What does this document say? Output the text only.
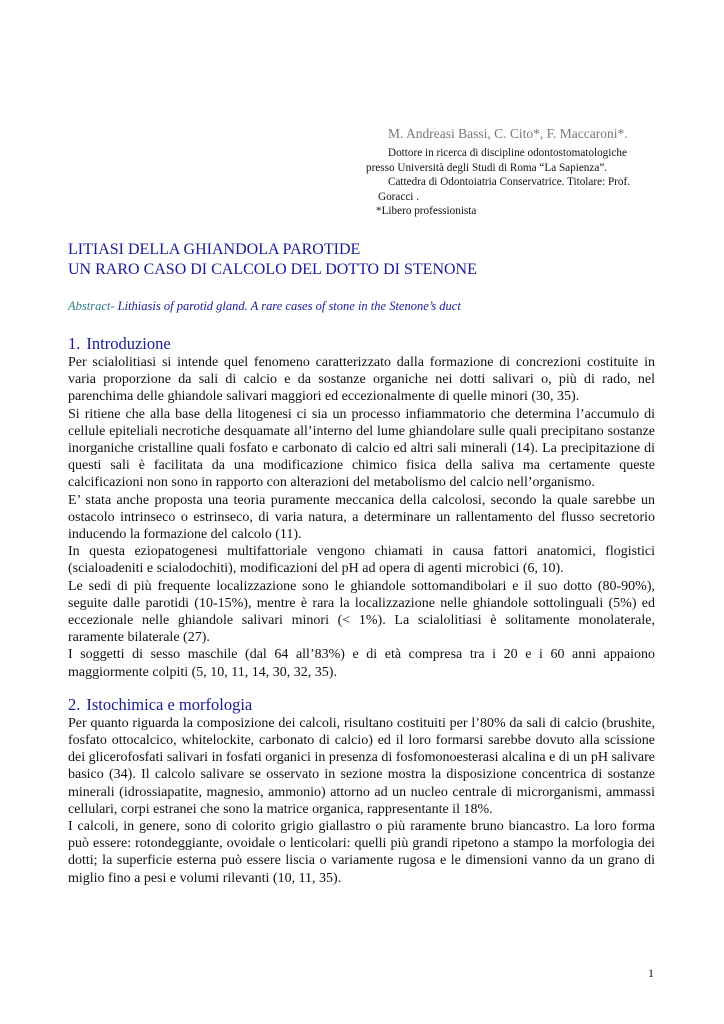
M. Andreasi Bassi, C. Cito*, F. Maccaroni*.
Dottore in ricerca di discipline odontostomatologiche
presso Università degli Studi di Roma “La Sapienza”.
Cattedra di Odontoiatria Conservatrice. Titolare: Prof.
Goracci .
*Libero professionista
LITIASI DELLA GHIANDOLA PAROTIDE
UN RARO CASO DI CALCOLO DEL DOTTO DI STENONE
Abstract- Lithiasis of parotid gland. A rare cases of stone in the Stenone’s duct
1. Introduzione

Per scialolitiasi si intende quel fenomeno caratterizzato dalla formazione di concrezioni costituite in varia proporzione da sali di calcio e da sostanze organiche nei dotti salivari o, più di rado, nel parenchima delle ghiandole salivari maggiori ed eccezionalmente di quelle minori (30, 35).

Si ritiene che alla base della litogenesi ci sia un processo infiammatorio che determina l’accumulo di cellule epiteliali necrotiche desquamate all’interno del lume ghiandolare sulle quali precipitano sostanze inorganiche cristalline quali fosfato e carbonato di calcio ed altri sali minerali (14). La precipitazione di questi sali è facilitata da una modificazione chimico fisica della saliva ma certamente queste calcificazioni non sono in rapporto con alterazioni del metabolismo del calcio nell’organismo.

E’ stata anche proposta una teoria puramente meccanica della calcolosi, secondo la quale sarebbe un ostacolo intrinseco o estrinseco, di varia natura, a determinare un rallentamento del flusso secretorio inducendo la formazione del calcolo (11).

In questa eziopatogenesi multifattoriale vengono chiamati in causa fattori anatomici, flogistici (scialoadeniti e scialodochiti), modificazioni del pH ad opera di agenti microbici (6, 10).

Le sedi di più frequente localizzazione sono le ghiandole sottomandibolari e il suo dotto (80-90%), seguite dalle parotidi (10-15%), mentre è rara la localizzazione nelle ghiandole sottolinguali (5%) ed eccezionale nelle ghiandole salivari minori (< 1%). La scialolitiasi è solitamente monolaterale, raramente bilaterale (27).

I soggetti di sesso maschile (dal 64 all’83%) e di età compresa tra i 20 e i 60 anni appaiono maggiormente colpiti (5, 10, 11, 14, 30, 32, 35).

2. Istochimica e morfologia

Per quanto riguarda la composizione dei calcoli, risultano costituiti per l’80% da sali di calcio (brushite, fosfato ottocalcico, whitelockite, carbonato di calcio) ed il loro formarsi sarebbe dovuto alla scissione dei glicerofosfati salivari in fosfati organici in presenza di fosfomonoesterasi alcalina e di un pH salivare basico (34). Il calcolo salivare se osservato in sezione mostra la disposizione concentrica di sostanze minerali (idrossiapatite, magnesio, ammonio) attorno ad un nucleo centrale di microrganismi, ammassi cellulari, corpi estranei che sono la matrice organica, rappresentante il 18%.

I calcoli, in genere, sono di colorito grigio giallastro o più raramente bruno biancastro. La loro forma può essere: rotondeggiante, ovoidale o lenticolari: quelli più grandi ripetono a stampo la morfologia dei dotti; la superficie esterna può essere liscia o variamente rugosa e le dimensioni vanno da un grano di miglio fino a pesi e volumi rilevanti (10, 11, 35).

1
